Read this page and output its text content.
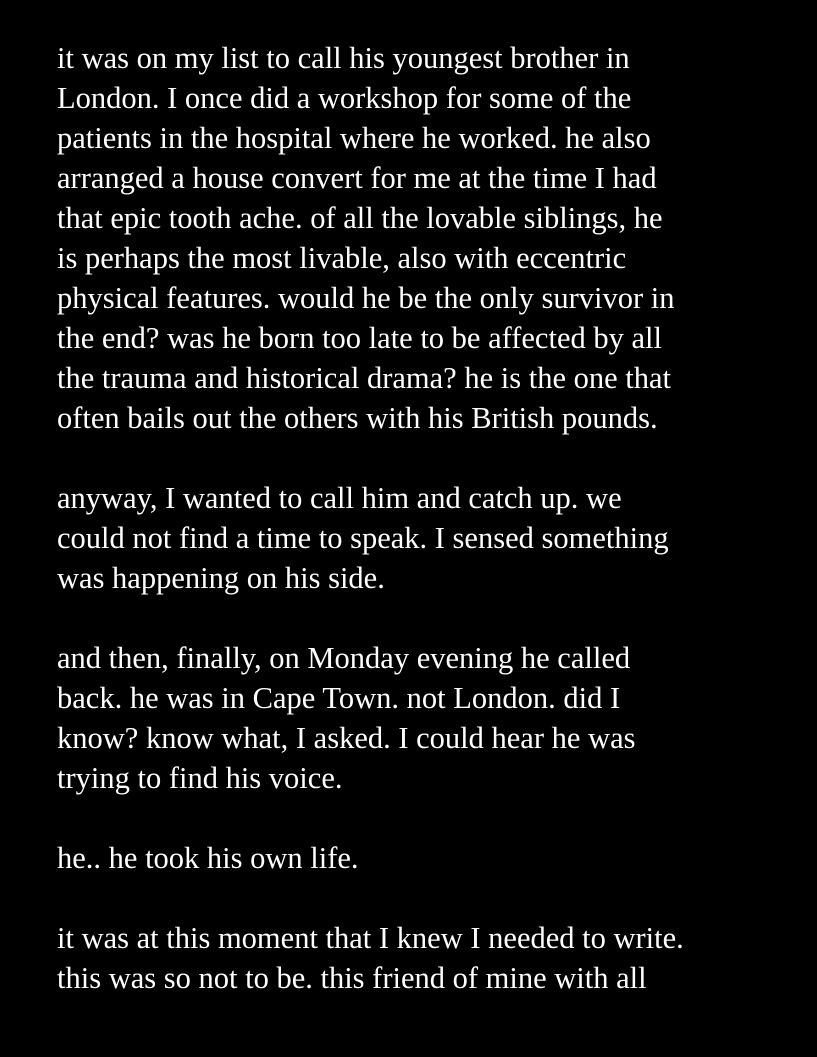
it was on my list to call his youngest brother in
London. I once did a workshop for some of the
patients in the hospital where he worked. he also
arranged a house convert for me at the time I had
that epic tooth ache. of all the lovable siblings, he
is perhaps the most livable, also with eccentric
physical features. would he be the only survivor in
the end? was he born too late to be affected by all
the trauma and historical drama? he is the one that
often bails out the others with his British pounds.

anyway, I wanted to call him and catch up. we
could not find a time to speak. I sensed something
was happening on his side.

and then, finally, on Monday evening he called
back. he was in Cape Town. not London. did I
know? know what, I asked. I could hear he was
trying to find his voice.

he.. he took his own life.

it was at this moment that I knew I needed to write.
this was so not to be. this friend of mine with all
